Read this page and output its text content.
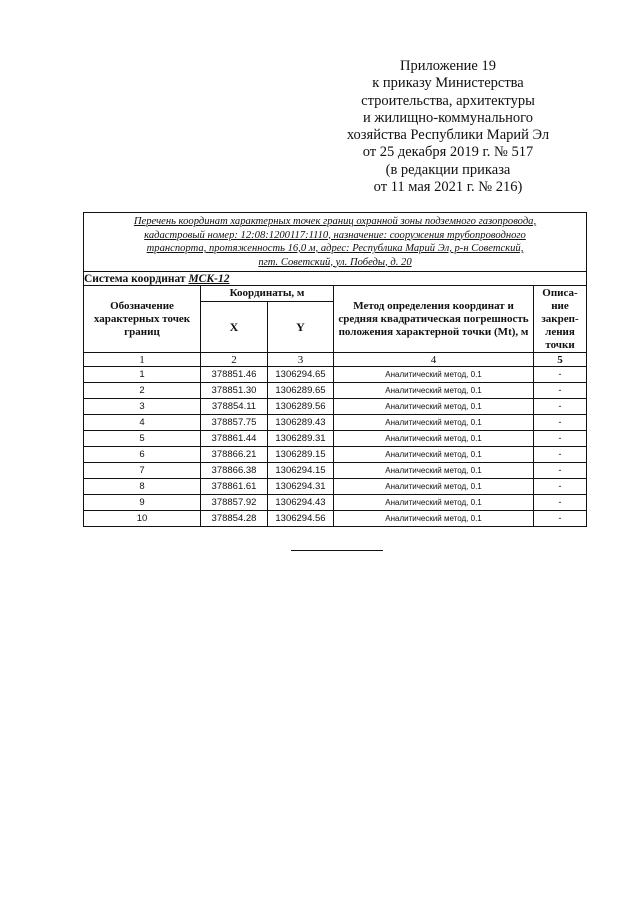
Приложение 19
к приказу Министерства
строительства, архитектуры
и жилищно-коммунального
хозяйства Республики Марий Эл
от 25 декабря 2019 г. № 517
(в редакции приказа
от 11 мая 2021 г. № 216)
Перечень координат характерных точек границ охранной зоны подземного газопровода,
кадастровый номер: 12:08:1200117:1110, назначение: сооружения трубопроводного
транспорта, протяженность 16,0 м, адрес: Республика Марий Эл, р-н Советский,
пгт. Советский, ул. Победы, д. 20				

Система координат МСК-12				
Обозначение характерных точек границ	Координаты, м		Метод определения координат и средняя квадратическая погрешность положения характерной точки (Mt), м	Описа-ние закреп-ления точки
	X	Y		
1	2	3	4	5
1	378851.46	1306294.65	Аналитический метод, 0.1	-
2	378851.30	1306289.65	Аналитический метод, 0.1	-
3	378854.11	1306289.56	Аналитический метод, 0.1	-
4	378857.75	1306289.43	Аналитический метод, 0.1	-
5	378861.44	1306289.31	Аналитический метод, 0.1	-
6	378866.21	1306289.15	Аналитический метод, 0.1	-
7	378866.38	1306294.15	Аналитический метод, 0.1	-
8	378861.61	1306294.31	Аналитический метод, 0.1	-
9	378857.92	1306294.43	Аналитический метод, 0.1	-
10	378854.28	1306294.56	Аналитический метод, 0.1	-
